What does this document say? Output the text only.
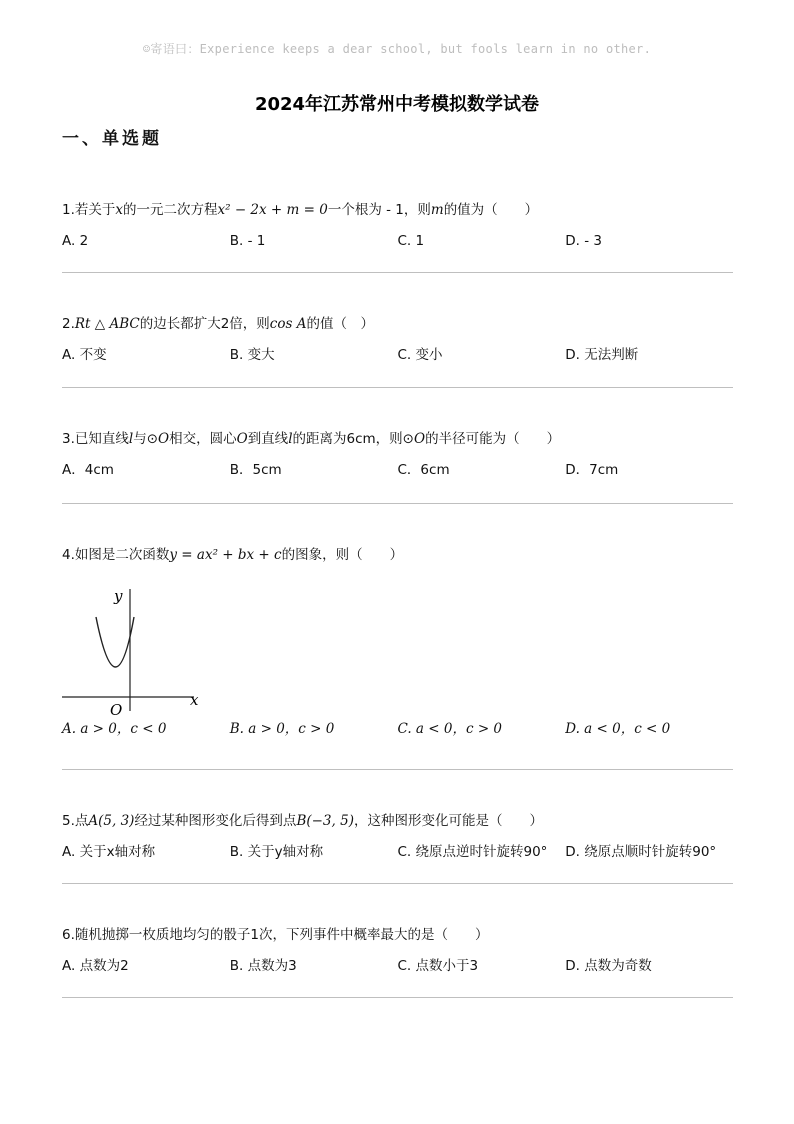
☺寄语曰：Experience keeps a dear school, but fools learn in no other.
2024年江苏常州中考模拟数学试卷
一、单选题
1.若关于x的一元二次方程x² − 2x + m = 0一个根为 - 1，则m的值为（　　）
A. 2	B. - 1	C. 1	D. - 3
2.Rt △ ABC的边长都扩大2倍，则cos A的值（　）
A. 不变	B. 变大	C. 变小	D. 无法判断
3.已知直线l与⊙O相交，圆心O到直线l的距离为6cm，则⊙O的半径可能为（　　）
A．4cm	B．5cm	C．6cm	D．7cm
4.如图是二次函数y = ax² + bx + c的图象，则（　　）
x
y
O
A. a > 0，c < 0	B. a > 0，c > 0	C. a < 0，c > 0	D. a < 0，c < 0
5.点A(5, 3)经过某种图形变化后得到点B(−3, 5)，这种图形变化可能是（　　）
A. 关于x轴对称	B. 关于y轴对称	C. 绕原点逆时针旋转90°	D. 绕原点顺时针旋转90°
6.随机抛掷一枚质地均匀的骰子1次，下列事件中概率最大的是（　　）
A. 点数为2	B. 点数为3	C. 点数小于3	D. 点数为奇数
